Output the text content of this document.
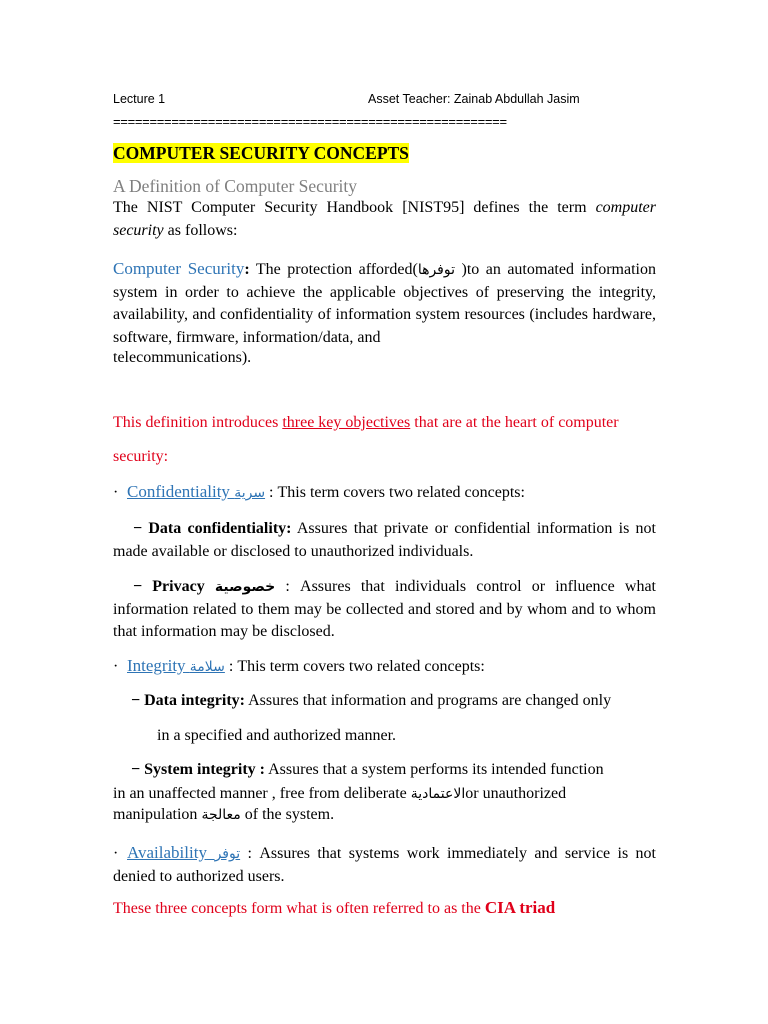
Lecture 1	Asset Teacher: Zainab Abdullah Jasim
======================================================
COMPUTER SECURITY CONCEPTS
A Definition of Computer Security
The NIST Computer Security Handbook [NIST95] defines the term computer security as follows:
Computer Security: The protection afforded(توفرها )to an automated information system in order to achieve the applicable objectives of preserving the integrity, availability, and confidentiality of information system resources (includes hardware, software, firmware, information/data, and
telecommunications).
This definition introduces three key objectives that are at the heart of computer
security:
· Confidentiality سرية : This term covers two related concepts:
− Data confidentiality: Assures that private or confidential information is not made available or disclosed to unauthorized individuals.
− Privacy خصوصية : Assures that individuals control or influence what information related to them may be collected and stored and by whom and to whom that information may be disclosed.
· Integrity سلامة : This term covers two related concepts:
− Data integrity: Assures that information and programs are changed only
in a specified and authorized manner.
− System integrity : Assures that a system performs its intended function
in an unaffected manner , free from deliberate الاعتماديةor unauthorized
manipulation معالجة of the system.
· Availability توفر : Assures that systems work immediately and service is not denied to authorized users.
These three concepts form what is often referred to as the CIA triad
